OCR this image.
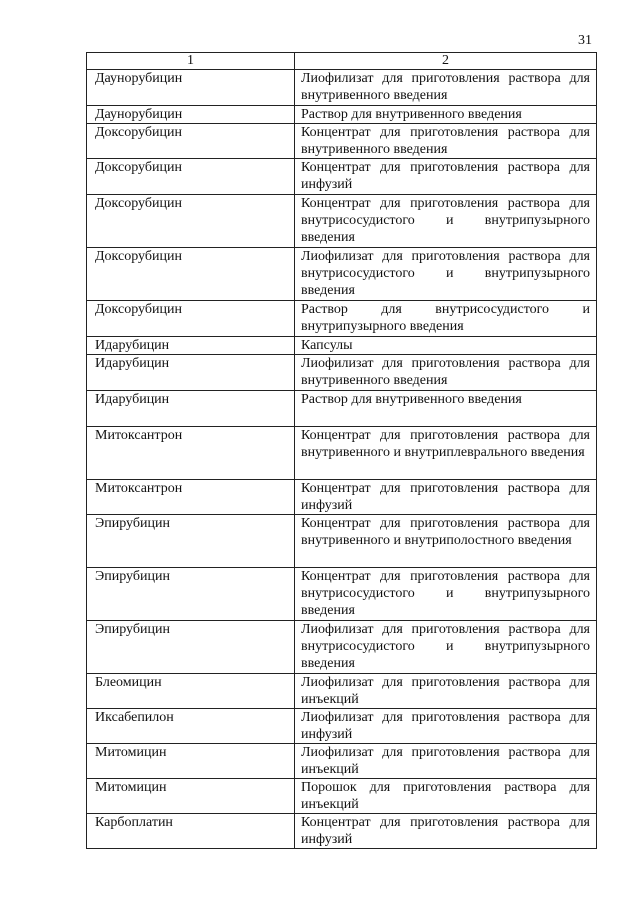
31
1	2
Даунорубицин	Лиофилизат для приготовления раствора для внутривенного введения
Даунорубицин	Раствор для внутривенного введения
Доксорубицин	Концентрат для приготовления раствора для внутривенного введения
Доксорубицин	Концентрат для приготовления раствора для инфузий
Доксорубицин	Концентрат для приготовления раствора для внутрисосудистого и внутрипузырного введения
Доксорубицин	Лиофилизат для приготовления раствора для внутрисосудистого и внутрипузырного введения
Доксорубицин	Раствор для внутрисосудистого и внутрипузырного введения
Идарубицин	Капсулы
Идарубицин	Лиофилизат для приготовления раствора для внутривенного введения
Идарубицин	Раствор для внутривенного введения
Митоксантрон	Концентрат для приготовления раствора для внутривенного и внутриплеврального введения
Митоксантрон	Концентрат для приготовления раствора для инфузий
Эпирубицин	Концентрат для приготовления раствора для внутривенного и внутриполостного введения
Эпирубицин	Концентрат для приготовления раствора для внутрисосудистого и внутрипузырного введения
Эпирубицин	Лиофилизат для приготовления раствора для внутрисосудистого и внутрипузырного введения
Блеомицин	Лиофилизат для приготовления раствора для инъекций
Иксабепилон	Лиофилизат для приготовления раствора для инфузий
Митомицин	Лиофилизат для приготовления раствора для инъекций
Митомицин	Порошок для приготовления раствора для инъекций
Карбоплатин	Концентрат для приготовления раствора для инфузий
